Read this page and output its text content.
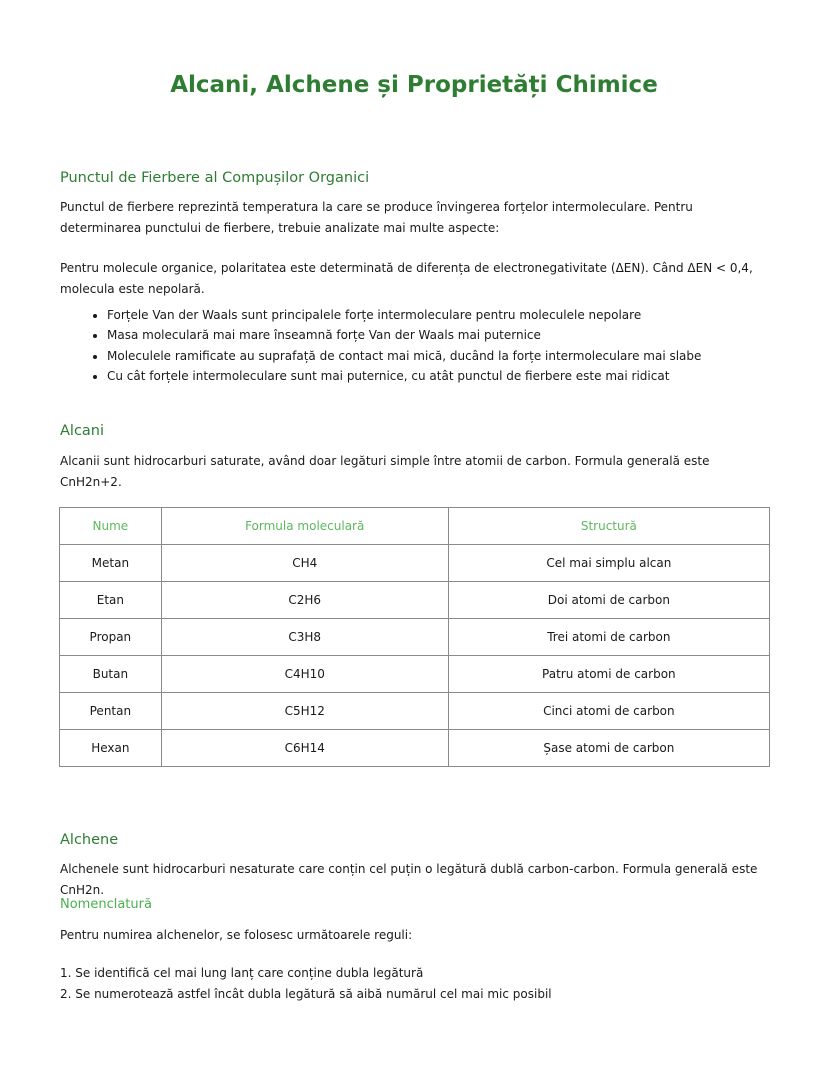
Alcani, Alchene și Proprietăți Chimice
Punctul de Fierbere al Compușilor Organici

Punctul de fierbere reprezintă temperatura la care se produce învingerea forțelor intermoleculare. Pentru determinarea punctului de fierbere, trebuie analizate mai multe aspecte:

Pentru molecule organice, polaritatea este determinată de diferența de electronegativitate (ΔEN). Când ΔEN < 0,4, molecula este nepolară.

• Forțele Van der Waals sunt principalele forțe intermoleculare pentru moleculele nepolare
• Masa moleculară mai mare înseamnă forțe Van der Waals mai puternice
• Moleculele ramificate au suprafață de contact mai mică, ducând la forțe intermoleculare mai slabe
• Cu cât forțele intermoleculare sunt mai puternice, cu atât punctul de fierbere este mai ridicat
Alcani

Alcanii sunt hidrocarburi saturate, având doar legături simple între atomii de carbon. Formula generală este CnH2n+2.

Nume	Formula moleculară	Structură
Metan	CH4	Cel mai simplu alcan
Etan	C2H6	Doi atomi de carbon
Propan	C3H8	Trei atomi de carbon
Butan	C4H10	Patru atomi de carbon
Pentan	C5H12	Cinci atomi de carbon
Hexan	C6H14	Șase atomi de carbon
Alchene

Alchenele sunt hidrocarburi nesaturate care conțin cel puțin o legătură dublă carbon-carbon. Formula generală este CnH2n.

Nomenclatură

Pentru numirea alchenelor, se folosesc următoarele reguli:

1. Se identifică cel mai lung lanț care conține dubla legătură

2. Se numerotează astfel încât dubla legătură să aibă numărul cel mai mic posibil
